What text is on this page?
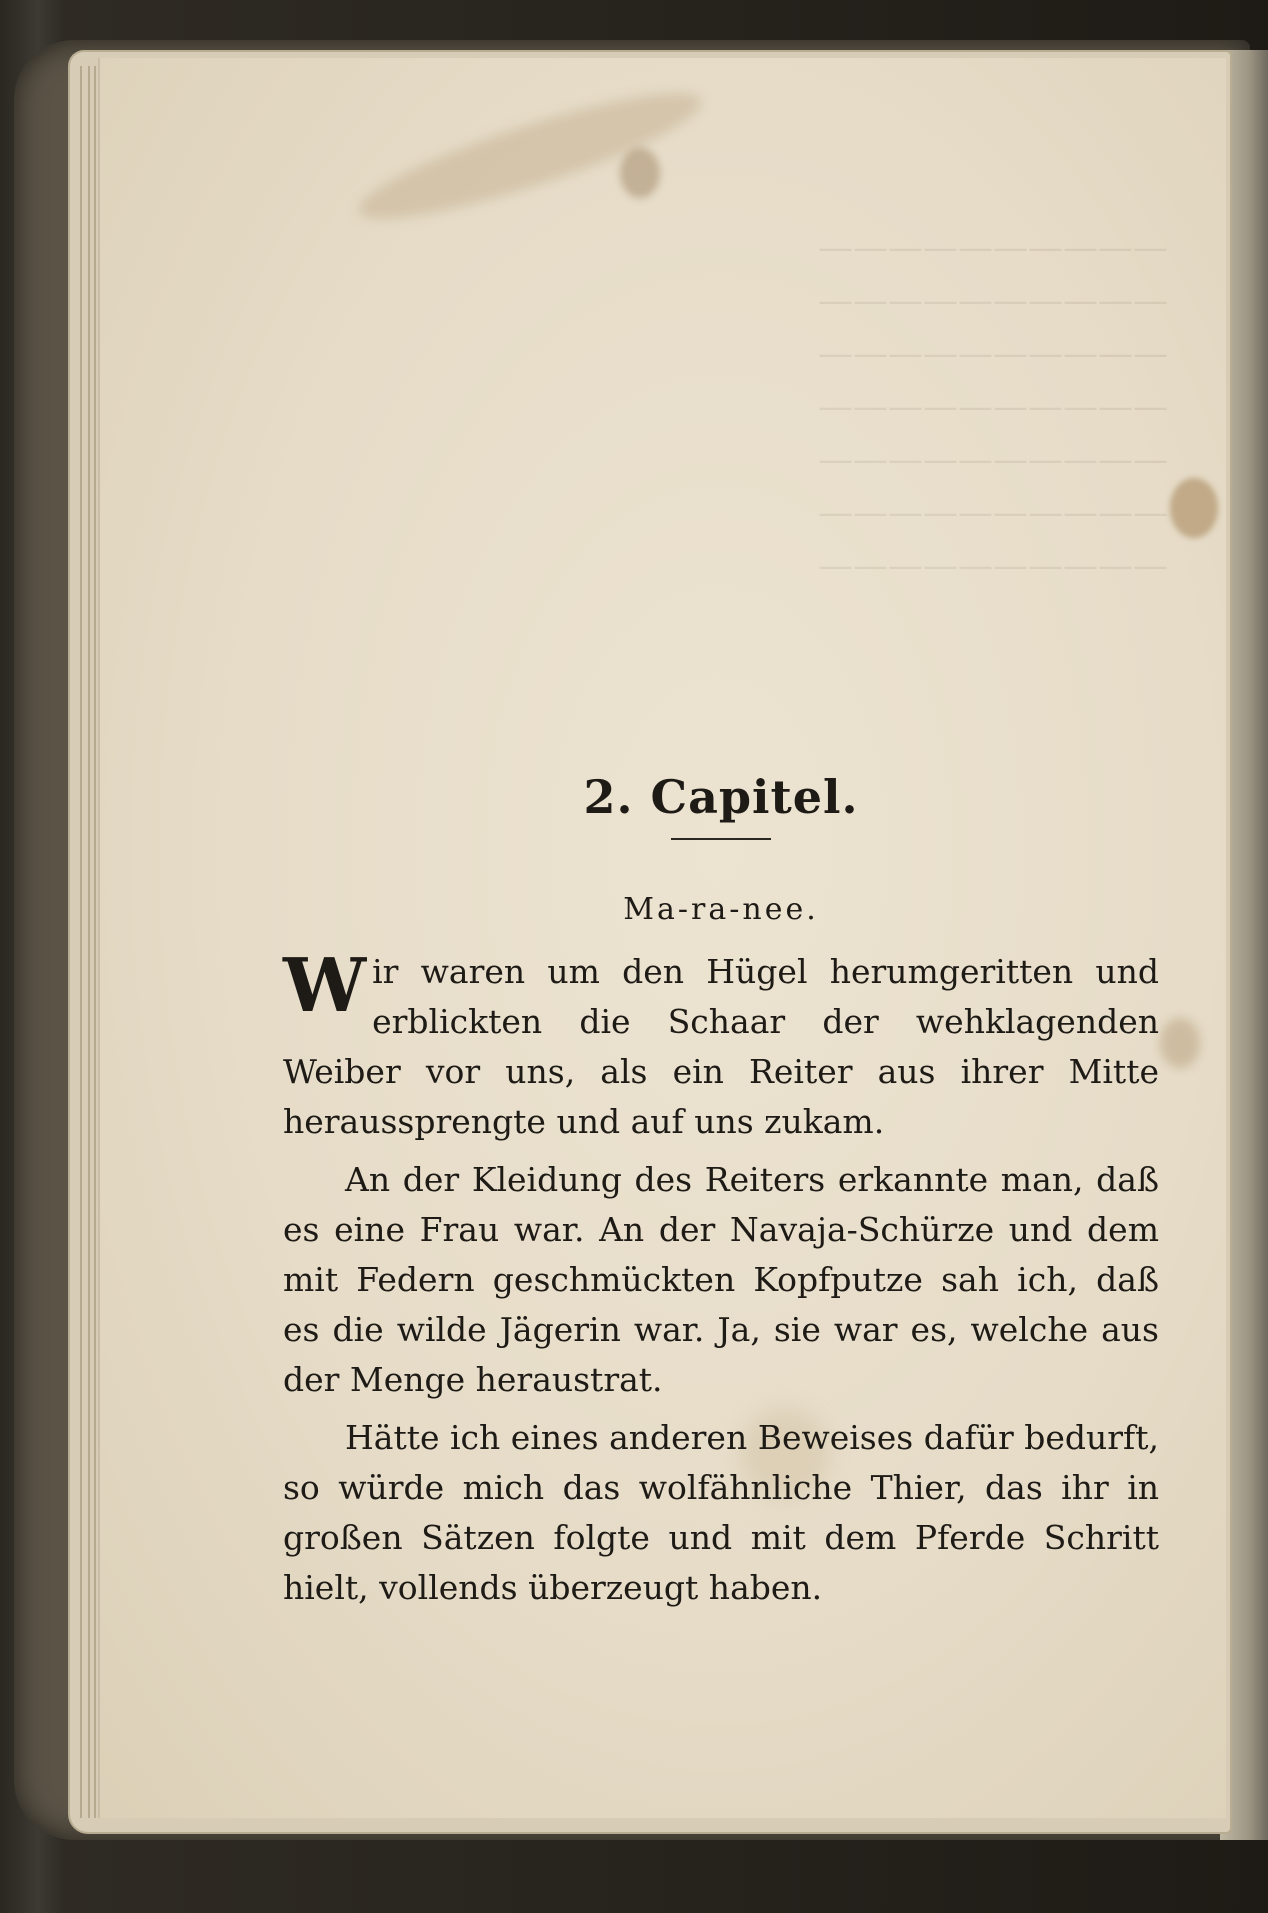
2. Capitel.
Ma-ra-nee.

Wir waren um den Hügel herumgeritten und erblickten die Schaar der wehklagenden Weiber vor uns, als ein Reiter aus ihrer Mitte heraussprengte und auf uns zukam.

An der Kleidung des Reiters erkannte man, daß es eine Frau war. An der Navaja-Schürze und dem mit Federn geschmückten Kopfputze sah ich, daß es die wilde Jägerin war. Ja, sie war es, welche aus der Menge heraustrat.

Hätte ich eines anderen Beweises dafür bedurft, so würde mich das wolfähnliche Thier, das ihr in großen Sätzen folgte und mit dem Pferde Schritt hielt, vollends überzeugt haben.
